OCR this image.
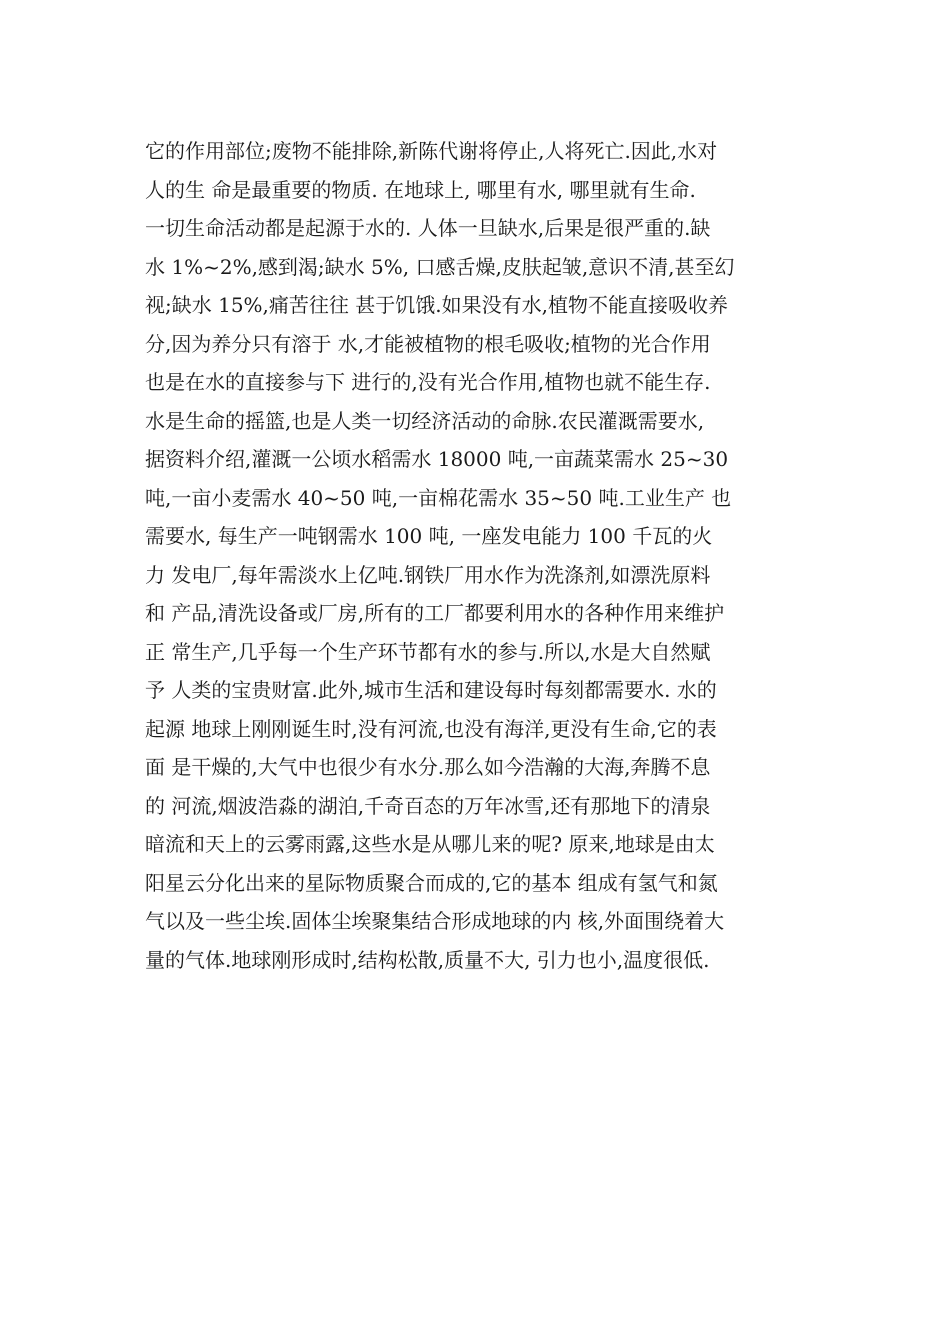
它的作用部位;废物不能排除,新陈代谢将停止,人将死亡.因此,水对
人的生 命是最重要的物质. 在地球上, 哪里有水, 哪里就有生命.
一切生命活动都是起源于水的. 人体一旦缺水,后果是很严重的.缺
水 1%~2%,感到渴;缺水 5%, 口感舌燥,皮肤起皱,意识不清,甚至幻
视;缺水 15%,痛苦往往 甚于饥饿.如果没有水,植物不能直接吸收养
分,因为养分只有溶于 水,才能被植物的根毛吸收;植物的光合作用
也是在水的直接参与下 进行的,没有光合作用,植物也就不能生存.
水是生命的摇篮,也是人类一切经济活动的命脉.农民灌溉需要水,
据资料介绍,灌溉一公顷水稻需水 18000 吨,一亩蔬菜需水 25~30
吨,一亩小麦需水 40~50 吨,一亩棉花需水 35~50 吨.工业生产 也
需要水, 每生产一吨钢需水 100 吨, 一座发电能力 100 千瓦的火
力 发电厂,每年需淡水上亿吨.钢铁厂用水作为洗涤剂,如漂洗原料
和 产品,清洗设备或厂房,所有的工厂都要利用水的各种作用来维护
正 常生产,几乎每一个生产环节都有水的参与.所以,水是大自然赋
予 人类的宝贵财富.此外,城市生活和建设每时每刻都需要水. 水的
起源 地球上刚刚诞生时,没有河流,也没有海洋,更没有生命,它的表
面 是干燥的,大气中也很少有水分.那么如今浩瀚的大海,奔腾不息
的 河流,烟波浩淼的湖泊,千奇百态的万年冰雪,还有那地下的清泉
暗流和天上的云雾雨露,这些水是从哪儿来的呢? 原来,地球是由太
阳星云分化出来的星际物质聚合而成的,它的基本 组成有氢气和氮
气以及一些尘埃.固体尘埃聚集结合形成地球的内 核,外面围绕着大
量的气体.地球刚形成时,结构松散,质量不大, 引力也小,温度很低.
